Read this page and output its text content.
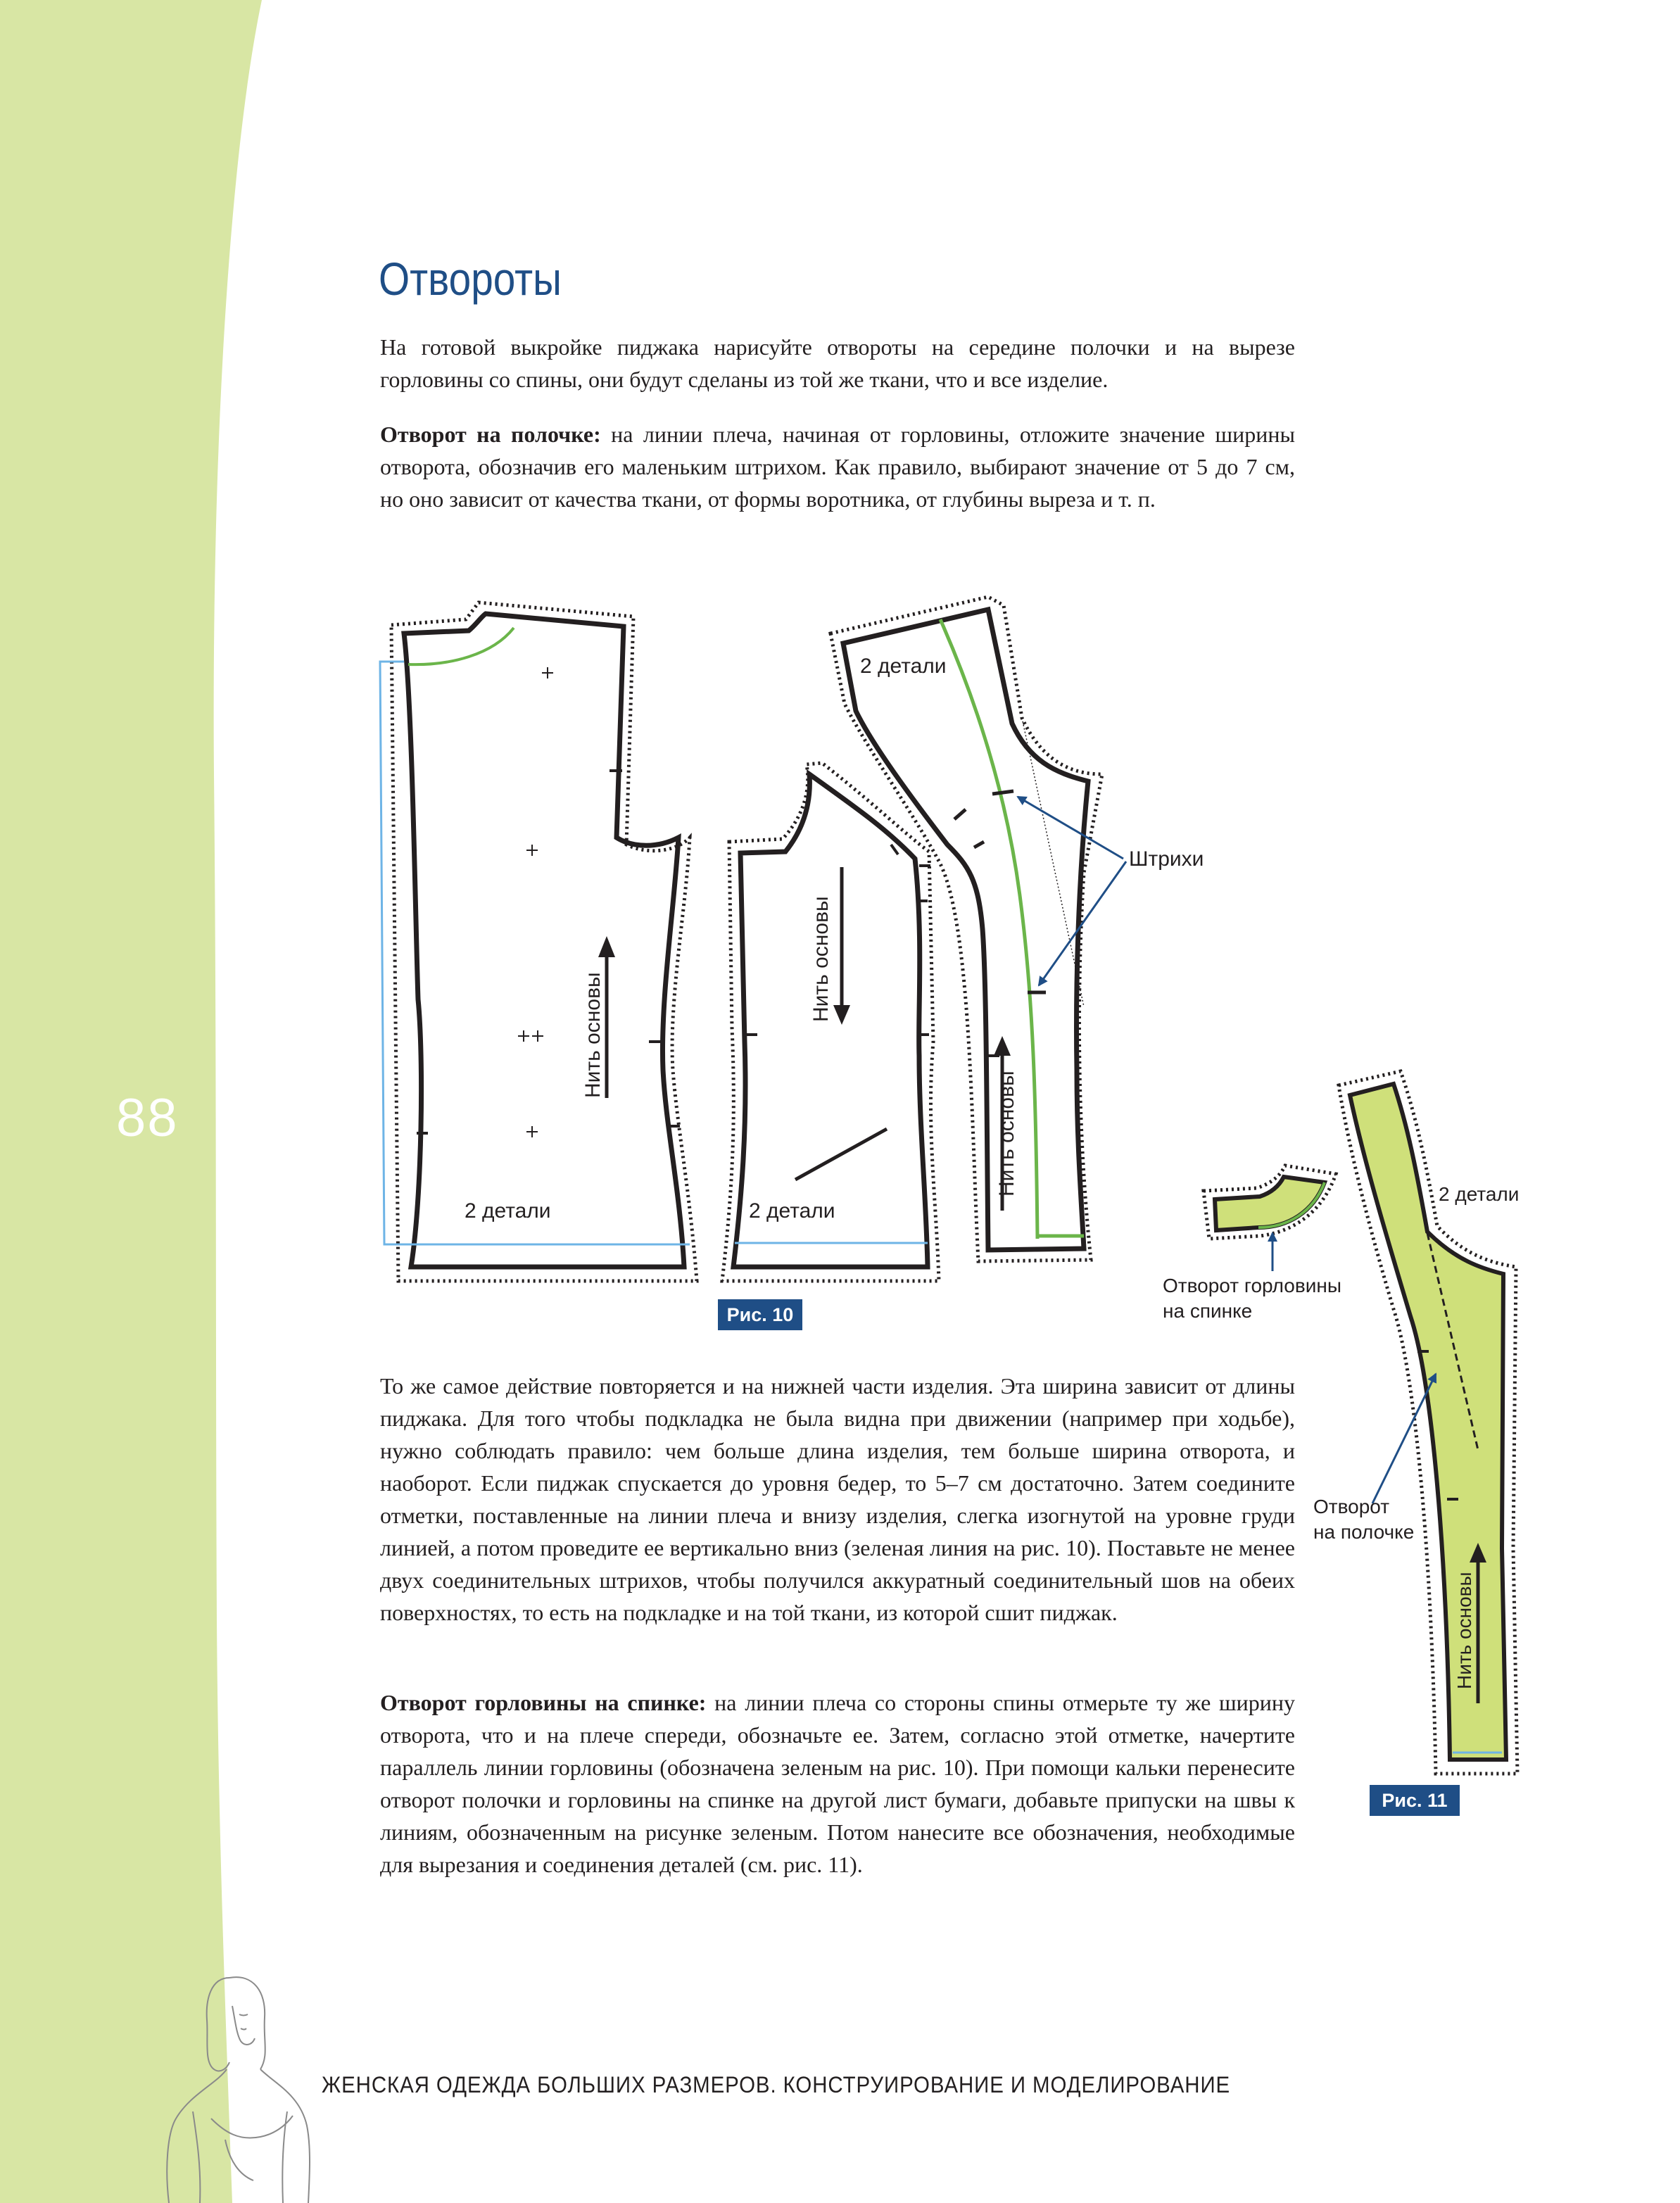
88
Отвороты

На готовой выкройке пиджака нарисуйте отвороты на середине полочки и на вырезе горловины со спины, они будут сделаны из той же ткани, что и все изделие.

Отворот на полочке: на линии плеча, начиная от горловины, отложите значение ширины отворота, обозначив его маленьким штрихом. Как правило, выбирают значение от 5 до 7 см, но оно зависит от качества ткани, от формы воротника, от глубины выреза и т. п.

Нить основы
2 детали
Нить основы
2 детали
Штрихи
Нить основы
2 детали
Отворот горловины
на спинке
Отворот
на полочке
2 детали
Нить основы
Рис. 10
Рис. 11

То же самое действие повторяется и на нижней части изделия. Эта ширина зависит от длины пиджака. Для того чтобы подкладка не была видна при движении (например при ходьбе), нужно соблюдать правило: чем больше длина изделия, тем больше ширина отворота, и наоборот. Если пиджак спускается до уровня бедер, то 5–7 см достаточно. Затем соедините отметки, поставленные на линии плеча и внизу изделия, слегка изогнутой на уровне груди линией, а потом проведите ее вертикально вниз (зеленая линия на рис. 10). Поставьте не менее двух соединительных штрихов, чтобы получился аккуратный соединительный шов на обеих поверхностях, то есть на подкладке и на той ткани, из которой сшит пиджак.

Отворот горловины на спинке: на линии плеча со стороны спины отмерьте ту же ширину отворота, что и на плече спереди, обозначьте ее. Затем, согласно этой отметке, начертите параллель линии горловины (обозначена зеленым на рис. 10). При помощи кальки перенесите отворот полочки и горловины на спинке на другой лист бумаги, добавьте припуски на швы к линиям, обозначенным на рисунке зеленым. Потом нанесите все обозначения, необходимые для вырезания и соединения деталей (см. рис. 11).

ЖЕНСКАЯ ОДЕЖДА БОЛЬШИХ РАЗМЕРОВ. КОНСТРУИРОВАНИЕ И МОДЕЛИРОВАНИЕ
